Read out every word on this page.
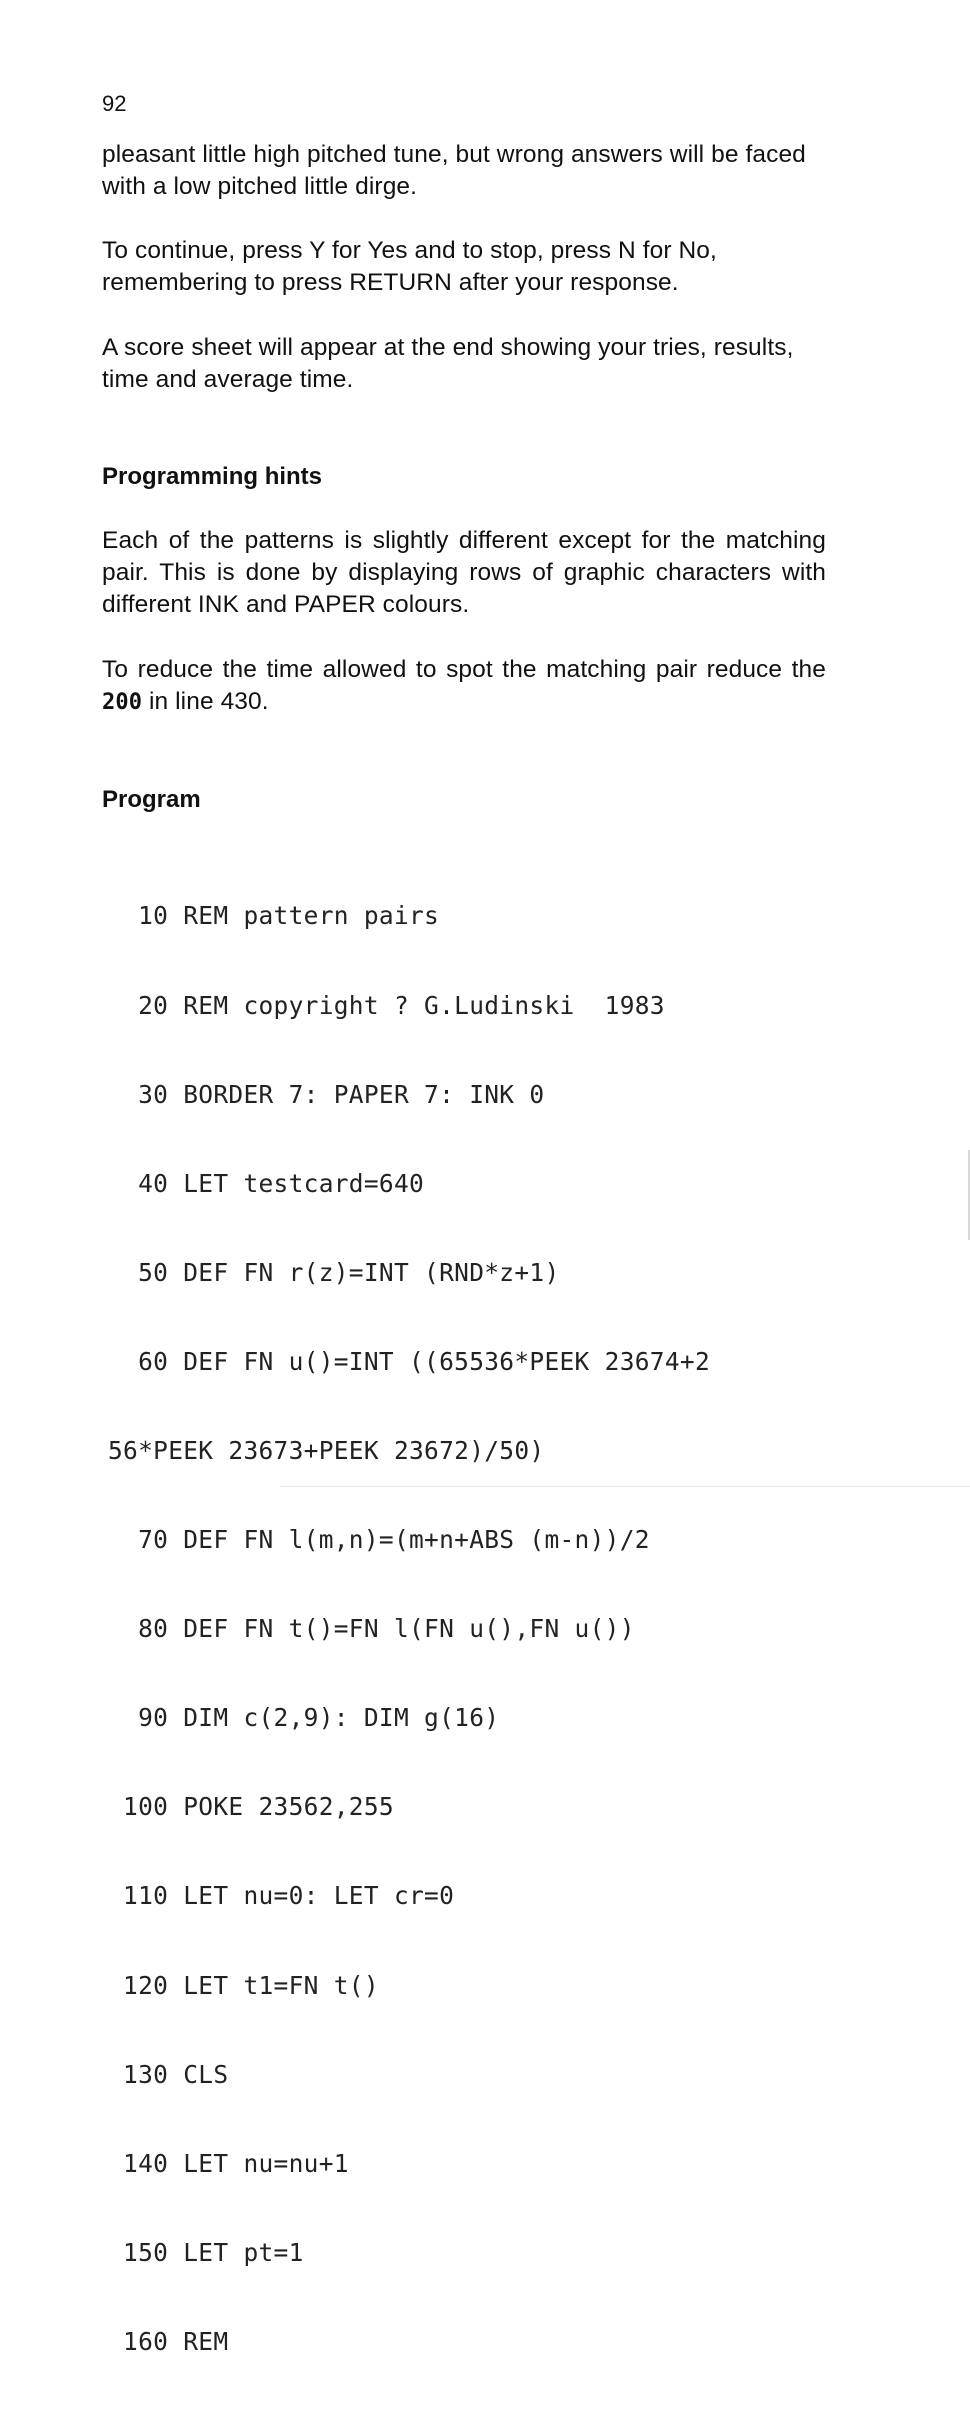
92

pleasant little high pitched tune, but wrong answers will be faced with a low pitched little dirge.

To continue, press Y for Yes and to stop, press N for No, remembering to press RETURN after your response.

A score sheet will appear at the end showing your tries, results, time and average time.

Programming hints

Each of the patterns is slightly different except for the matching pair. This is done by displaying rows of graphic characters with different INK and PAPER colours.

To reduce the time allowed to spot the matching pair reduce the 200 in line 430.

Program

10 REM pattern pairs

20 REM copyright ? G.Ludinski  1983

30 BORDER 7: PAPER 7: INK 0

40 LET testcard=640

50 DEF FN r(z)=INT (RND*z+1)

60 DEF FN u()=INT ((65536*PEEK 23674+2

56*PEEK 23673+PEEK 23672)/50)

70 DEF FN l(m,n)=(m+n+ABS (m-n))/2

80 DEF FN t()=FN l(FN u(),FN u())

90 DIM c(2,9): DIM g(16)

100 POKE 23562,255

110 LET nu=0: LET cr=0

120 LET t1=FN t()

130 CLS

140 LET nu=nu+1

150 LET pt=1

160 REM
